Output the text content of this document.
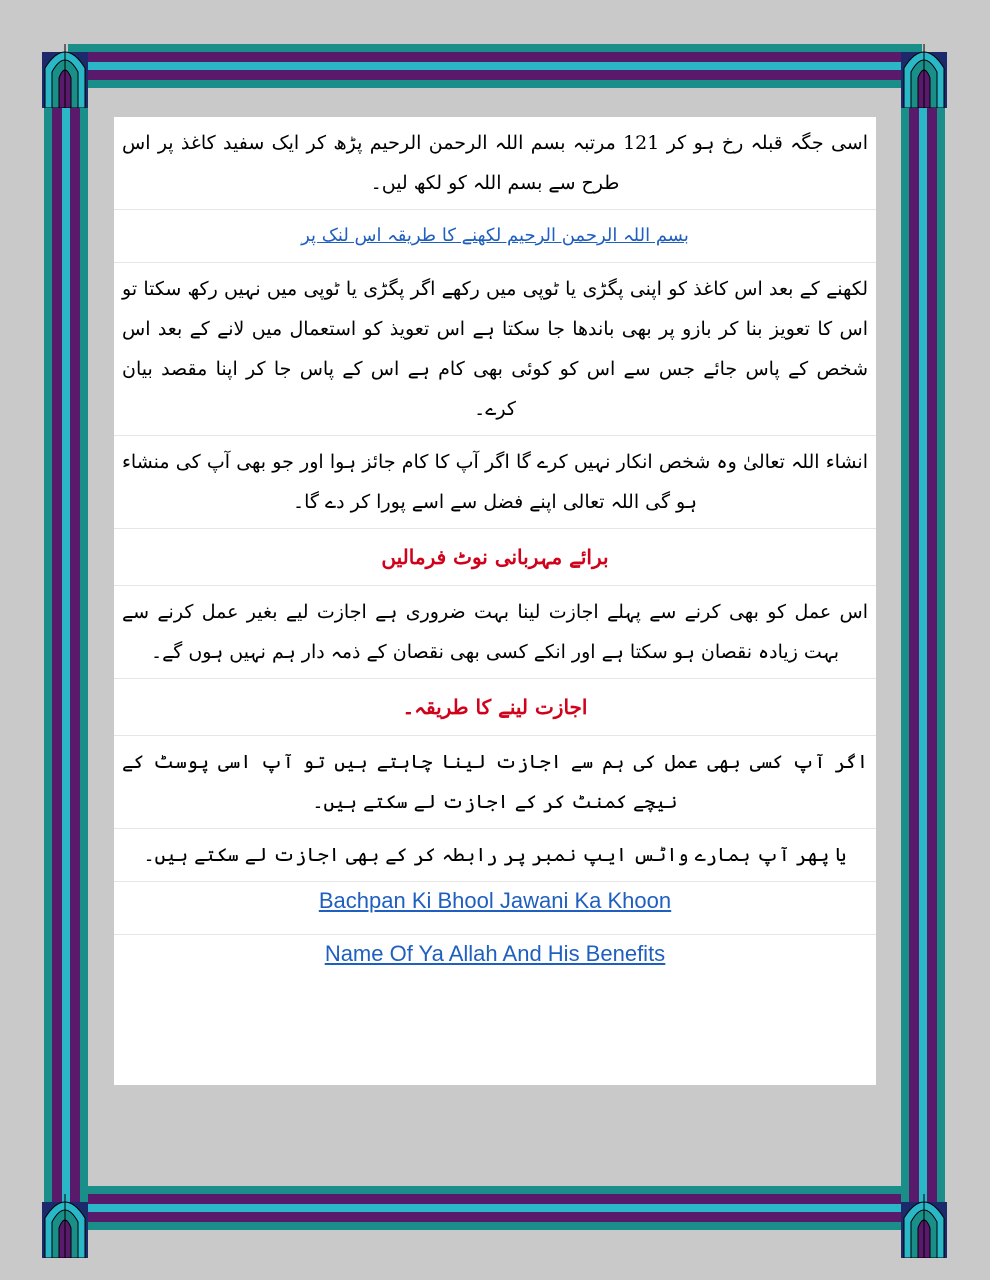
اسی جگہ قبلہ رخ ہو کر 121 مرتبہ بسم اللہ الرحمن الرحیم پڑھ کر ایک سفید کاغذ پر اس طرح سے بسم اللہ کو لکھ لیں۔
بسم اللہ الرحمن الرحیم لکھنے کا طریقہ اس لنک پر
لکھنے کے بعد اس کاغذ کو اپنی پگڑی یا ٹوپی میں رکھے اگر پگڑی یا ٹوپی میں نہیں رکھ سکتا تو اس کا تعویز بنا کر بازو پر بھی باندھا جا سکتا ہے اس تعویذ کو استعمال میں لانے کے بعد اس شخص کے پاس جائے جس سے اس کو کوئی بھی کام ہے اس کے پاس جا کر اپنا مقصد بیان کرے۔
انشاء اللہ تعالیٰ وہ شخص انکار نہیں کرے گا اگر آپ کا کام جائز ہوا اور جو بھی آپ کی منشاء ہو گی اللہ تعالی اپنے فضل سے اسے پورا کر دے گا۔
برائے مہربانی نوٹ فرمالیں
اس عمل کو بھی کرنے سے پہلے اجازت لینا بہت ضروری ہے اجازت لیے بغیر عمل کرنے سے بہت زیادہ نقصان ہو سکتا ہے اور انکے کسی بھی نقصان کے ذمہ دار ہم نہیں ہوں گے۔
اجازت لینے کا طریقہ۔
اگر آپ کسی بھی عمل کی ہم سے اجازت لینا چاہتے ہیں تو آپ اسی پوسٹ کے نیچے کمنٹ کر کے اجازت لے سکتے ہیں۔
یا پھر آپ ہمارے واٹس ایپ نمبر پر رابطہ کر کے بھی اجازت لے سکتے ہیں۔
Bachpan Ki Bhool Jawani Ka Khoon
Name Of Ya Allah And His Benefits
